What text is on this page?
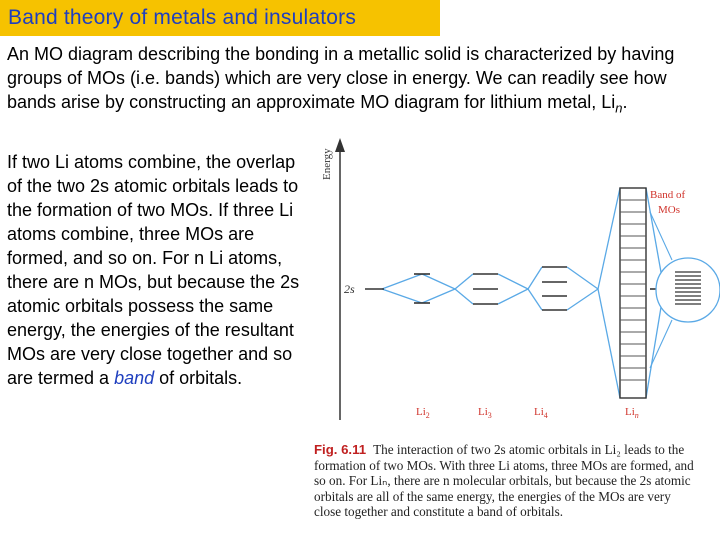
Band theory of metals and insulators
An MO diagram describing the bonding in a metallic solid is characterized by having groups of MOs (i.e. bands) which are very close in energy. We can readily see how bands arise by constructing an approximate MO diagram for lithium metal, $Li_n$.
If two Li atoms combine, the overlap of the two 2s atomic orbitals leads to the formation of two MOs. If three Li atoms combine, three MOs are formed, and so on. For n Li atoms, there are n MOs, but because the 2s atomic orbitals possess the same energy, the energies of the resultant MOs are very close together and so are termed a band of orbitals.
Energy
2s
Band of
MOs
$Li_2$	$Li_3$	$Li_4$	$Li_n$
Fig. 6.11 The interaction of two 2s atomic orbitals in Li₂ leads to the formation of two MOs. With three Li atoms, three MOs are formed, and so on. For Liₙ, there are n molecular orbitals, but because the 2s atomic orbitals are all of the same energy, the energies of the MOs are very close together and constitute a band of orbitals.
